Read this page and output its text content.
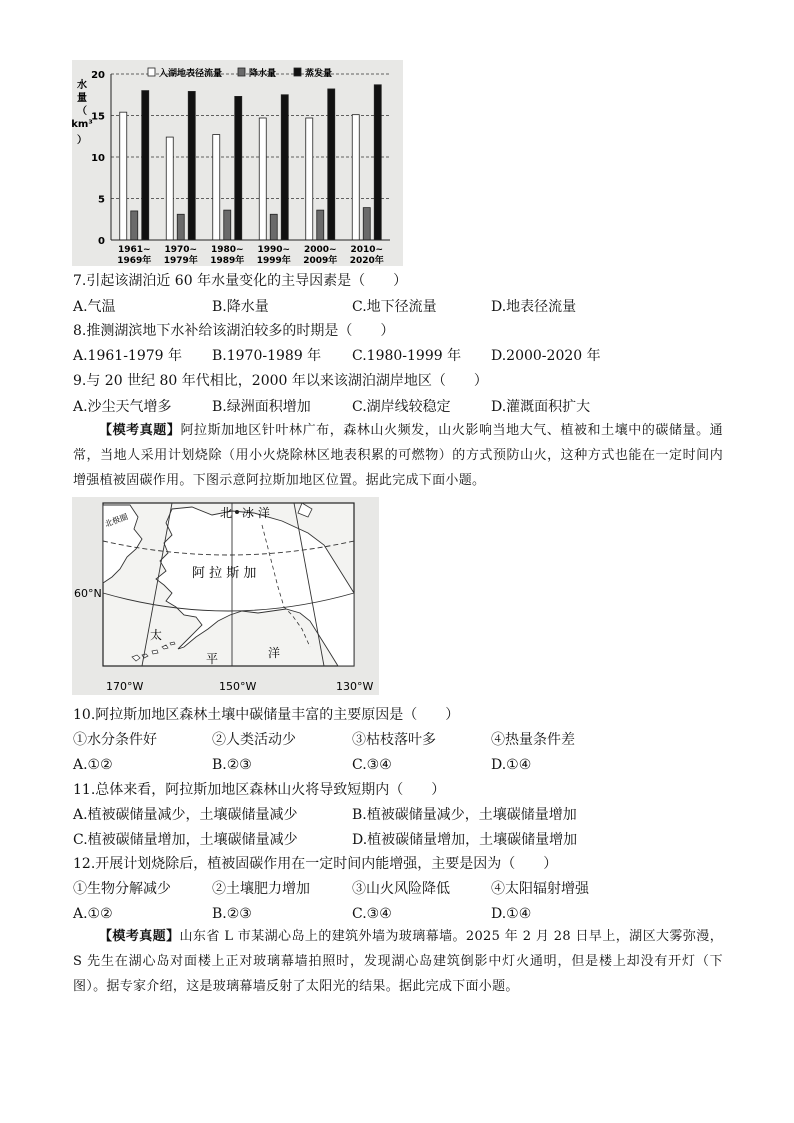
0
5
10
15
20
1961~
1969年
1970~
1979年
1980~
1989年
1990~
1999年
2000~
2009年
2010~
2020年
水
量
（
km³
）
入湖地表径流量	降水量	蒸发量
7.引起该湖泊近 60 年水量变化的主导因素是（　　）
A.气温	B.降水量	C.地下径流量	D.地表径流量
8.推测湖滨地下水补给该湖泊较多的时期是（　　）
A.1961-1979 年 B.1970-1989 年 C.1980-1999 年 D.2000-2020 年
9.与 20 世纪 80 年代相比，2000 年以来该湖泊湖岸地区（　　）
A.沙尘天气增多	B.绿洲面积增加	C.湖岸线较稳定	D.灌溉面积扩大
【模考真题】阿拉斯加地区针叶林广布，森林山火频发，山火影响当地大气、植被和土壤中的碳储量。通常，当地人采用计划烧除（用小火烧除林区地表积累的可燃物）的方式预防山火，这种方式也能在一定时间内增强植被固碳作用。下图示意阿拉斯加地区位置。据此完成下面小题。
北 冰 洋
北极圈
阿 拉 斯 加
60°N
太
平	洋
170°W	150°W	130°W
10.阿拉斯加地区森林土壤中碳储量丰富的主要原因是（　　）
①水分条件好	②人类活动少	③枯枝落叶多	④热量条件差
A.①②	B.②③	C.③④	D.①④
11.总体来看，阿拉斯加地区森林山火将导致短期内（　　）
A.植被碳储量减少，土壤碳储量减少	B.植被碳储量减少，土壤碳储量增加
C.植被碳储量增加，土壤碳储量减少	D.植被碳储量增加，土壤碳储量增加
12.开展计划烧除后，植被固碳作用在一定时间内能增强，主要是因为（　　）
①生物分解减少	②土壤肥力增加	③山火风险降低	④太阳辐射增强
A.①②	B.②③	C.③④	D.①④
【模考真题】山东省 L 市某湖心岛上的建筑外墙为玻璃幕墙。2025 年 2 月 28 日早上，湖区大雾弥漫，S 先生在湖心岛对面楼上正对玻璃幕墙拍照时，发现湖心岛建筑倒影中灯火通明，但是楼上却没有开灯（下图）。据专家介绍，这是玻璃幕墙反射了太阳光的结果。据此完成下面小题。
